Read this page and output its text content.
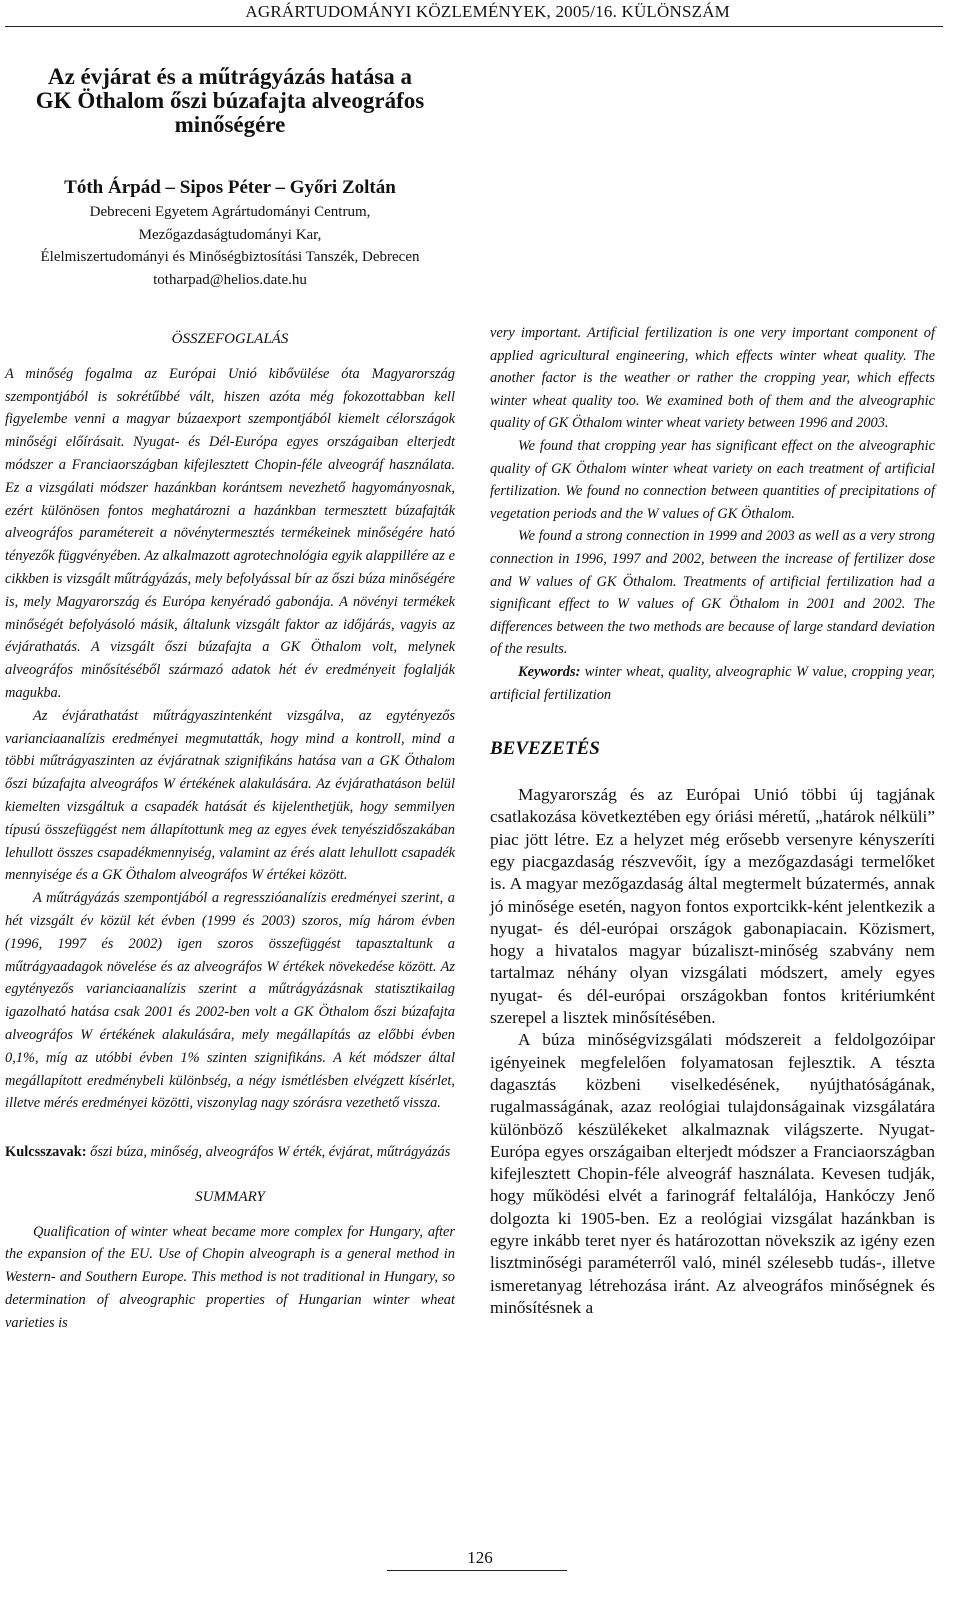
AGRÁRTUDOMÁNYI KÖZLEMÉNYEK, 2005/16. KÜLÖNSZÁM

Az évjárat és a műtrágyázás hatása a
GK Öthalom őszi búzafajta alveográfos
minőségére

Tóth Árpád – Sipos Péter – Győri Zoltán

Debreceni Egyetem Agrártudományi Centrum,
Mezőgazdaságtudományi Kar,
Élelmiszertudományi és Minőségbiztosítási Tanszék, Debrecen
totharpad@helios.date.hu

ÖSSZEFOGLALÁS

A minőség fogalma az Európai Unió kibővülése óta Magyarország szempontjából is sokrétűbbé vált, hiszen azóta még fokozottabban kell figyelembe venni a magyar búzaexport szempontjából kiemelt célországok minőségi előírásait. Nyugat- és Dél-Európa egyes országaiban elterjedt módszer a Franciaországban kifejlesztett Chopin-féle alveográf használata. Ez a vizsgálati módszer hazánkban korántsem nevezhető hagyományosnak, ezért különösen fontos meghatározni a hazánkban termesztett búzafajták alveográfos paramétereit a növénytermesztés termékeinek minőségére ható tényezők függvényében. Az alkalmazott agrotechnológia egyik alappillére az e cikkben is vizsgált műtrágyázás, mely befolyással bír az őszi búza minőségére is, mely Magyarország és Európa kenyéradó gabonája. A növényi termékek minőségét befolyásoló másik, általunk vizsgált faktor az időjárás, vagyis az évjárathatás. A vizsgált őszi búzafajta a GK Öthalom volt, melynek alveográfos minősítéséből származó adatok hét év eredményeit foglalják magukba.

Az évjárathatást műtrágyaszintenként vizsgálva, az egytényezős varianciaanalízis eredményei megmutatták, hogy mind a kontroll, mind a többi műtrágyaszinten az évjáratnak szignifikáns hatása van a GK Öthalom őszi búzafajta alveográfos W értékének alakulására. Az évjárathatáson belül kiemelten vizsgáltuk a csapadék hatását és kijelenthetjük, hogy semmilyen típusú összefüggést nem állapítottunk meg az egyes évek tenyészidőszakában lehullott összes csapadékmennyiség, valamint az érés alatt lehullott csapadék mennyisége és a GK Öthalom alveográfos W értékei között.

A műtrágyázás szempontjából a regresszióanalízis eredményei szerint, a hét vizsgált év közül két évben (1999 és 2003) szoros, míg három évben (1996, 1997 és 2002) igen szoros összefüggést tapasztaltunk a műtrágyaadagok növelése és az alveográfos W értékek növekedése között. Az egytényezős varianciaanalízis szerint a műtrágyázásnak statisztikailag igazolható hatása csak 2001 és 2002-ben volt a GK Öthalom őszi búzafajta alveográfos W értékének alakulására, mely megállapítás az előbbi évben 0,1%, míg az utóbbi évben 1% szinten szignifikáns. A két módszer által megállapított eredménybeli különbség, a négy ismétlésben elvégzett kísérlet, illetve mérés eredményei közötti, viszonylag nagy szórásra vezethető vissza.

Kulcsszavak: őszi búza, minőség, alveográfos W érték, évjárat, műtrágyázás

SUMMARY

Qualification of winter wheat became more complex for Hungary, after the expansion of the EU. Use of Chopin alveograph is a general method in Western- and Southern Europe. This method is not traditional in Hungary, so determination of alveographic properties of Hungarian winter wheat varieties is

very important. Artificial fertilization is one very important component of applied agricultural engineering, which effects winter wheat quality. The another factor is the weather or rather the cropping year, which effects winter wheat quality too. We examined both of them and the alveographic quality of GK Öthalom winter wheat variety between 1996 and 2003.

We found that cropping year has significant effect on the alveographic quality of GK Öthalom winter wheat variety on each treatment of artificial fertilization. We found no connection between quantities of precipitations of vegetation periods and the W values of GK Öthalom.

We found a strong connection in 1999 and 2003 as well as a very strong connection in 1996, 1997 and 2002, between the increase of fertilizer dose and W values of GK Öthalom. Treatments of artificial fertilization had a significant effect to W values of GK Öthalom in 2001 and 2002. The differences between the two methods are because of large standard deviation of the results.

Keywords: winter wheat, quality, alveographic W value, cropping year, artificial fertilization

BEVEZETÉS

Magyarország és az Európai Unió többi új tagjának csatlakozása következtében egy óriási méretű, „határok nélküli” piac jött létre. Ez a helyzet még erősebb versenyre kényszeríti egy piacgazdaság részvevőit, így a mezőgazdasági termelőket is. A magyar mezőgazdaság által megtermelt búzatermés, annak jó minősége esetén, nagyon fontos exportcikk-ként jelentkezik a nyugat- és dél-európai országok gabonapiacain. Közismert, hogy a hivatalos magyar búzaliszt-minőség szabvány nem tartalmaz néhány olyan vizsgálati módszert, amely egyes nyugat- és dél-európai országokban fontos kritériumként szerepel a lisztek minősítésében.

A búza minőségvizsgálati módszereit a feldolgozóipar igényeinek megfelelően folyamatosan fejlesztik. A tészta dagasztás közbeni viselkedésének, nyújthatóságának, rugalmasságának, azaz reológiai tulajdonságainak vizsgálatára különböző készülékeket alkalmaznak világszerte. Nyugat-Európa egyes országaiban elterjedt módszer a Franciaországban kifejlesztett Chopin-féle alveográf használata. Kevesen tudják, hogy működési elvét a farinográf feltalálója, Hankóczy Jenő dolgozta ki 1905-ben. Ez a reológiai vizsgálat hazánkban is egyre inkább teret nyer és határozottan növekszik az igény ezen lisztminőségi paraméterről való, minél szélesebb tudás-, illetve ismeretanyag létrehozása iránt. Az alveográfos minőségnek és minősítésnek a

126
